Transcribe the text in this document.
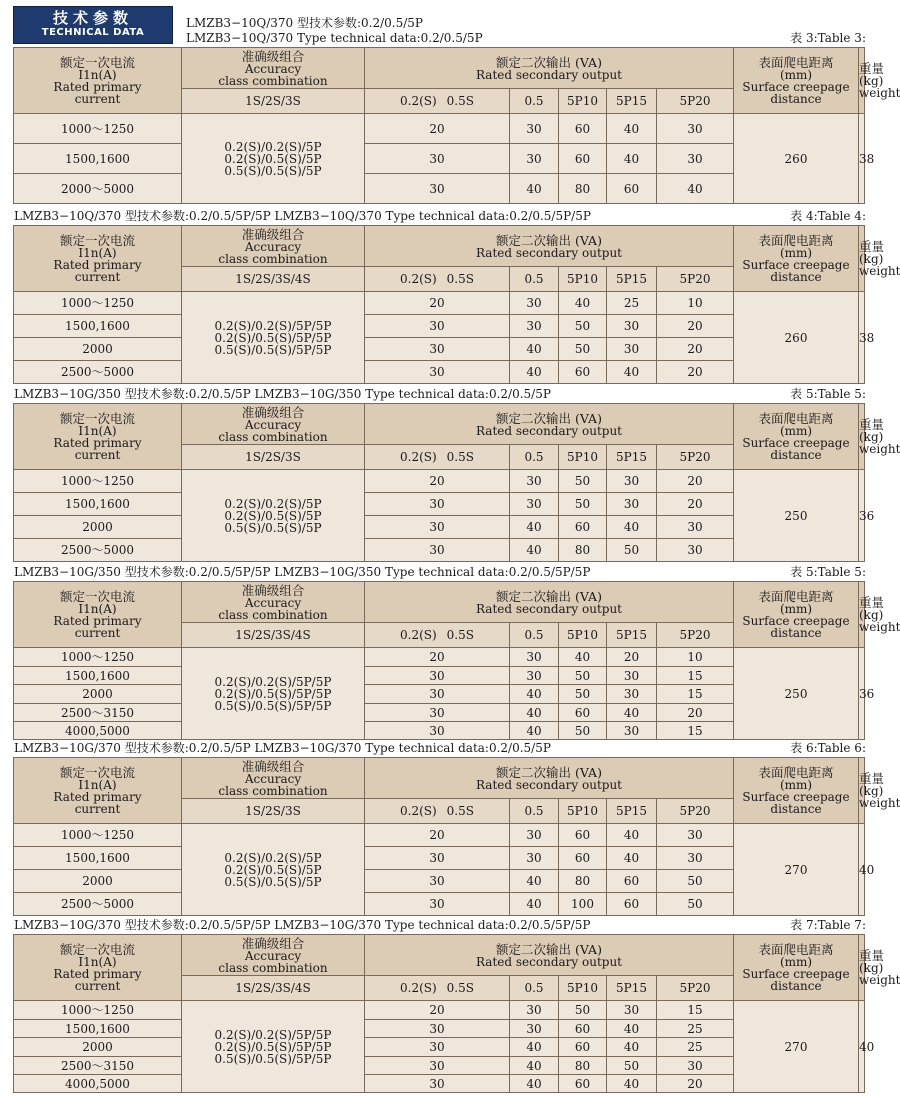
技术参数
TECHNICAL DATA
LMZB3−10Q/370 型技术参数:0.2/0.5/5P
LMZB3−10Q/370 Type technical data:0.2/0.5/5P	表 3:Table 3:
额定一次电流
I1n(A)
Rated primary
current	准确级组合
Accuracy
class combination	额定二次输出 (VA)
Rated secondary output					表面爬电距离
(mm)
Surface creepage
distance	重量
(kg)
weight

	1S/2S/3S	0.2(S) 0.5S	0.5	5P10	5P15	5P20		
1000～1250	0.2(S)/0.2(S)/5P
0.2(S)/0.5(S)/5P
0.5(S)/0.5(S)/5P	20	30	60	40	30	260	38
1500,1600		30	30	60	40	30		
2000～5000		30	40	80	60	40		
LMZB3−10Q/370 型技术参数:0.2/0.5/5P/5P LMZB3−10Q/370 Type technical data:0.2/0.5/5P/5P	表 4:Table 4:
额定一次电流
I1n(A)
Rated primary
current	准确级组合
Accuracy
class combination	额定二次输出 (VA)
Rated secondary output					表面爬电距离
(mm)
Surface creepage
distance	重量
(kg)
weight

	1S/2S/3S/4S	0.2(S) 0.5S	0.5	5P10	5P15	5P20		
1000～1250	0.2(S)/0.2(S)/5P/5P
0.2(S)/0.5(S)/5P/5P
0.5(S)/0.5(S)/5P/5P	20	30	40	25	10	260	38
1500,1600		30	30	50	30	20		
2000		30	40	50	30	20		
2500～5000		30	40	60	40	20		
LMZB3−10G/350 型技术参数:0.2/0.5/5P LMZB3−10G/350 Type technical data:0.2/0.5/5P	表 5:Table 5:
额定一次电流
I1n(A)
Rated primary
current	准确级组合
Accuracy
class combination	额定二次输出 (VA)
Rated secondary output					表面爬电距离
(mm)
Surface creepage
distance	重量
(kg)
weight

	1S/2S/3S	0.2(S) 0.5S	0.5	5P10	5P15	5P20		
1000～1250	0.2(S)/0.2(S)/5P
0.2(S)/0.5(S)/5P
0.5(S)/0.5(S)/5P	20	30	50	30	20	250	36
1500,1600		30	30	50	30	20		
2000		30	40	60	40	30		
2500～5000		30	40	80	50	30		
LMZB3−10G/350 型技术参数:0.2/0.5/5P/5P LMZB3−10G/350 Type technical data:0.2/0.5/5P/5P	表 5:Table 5:
额定一次电流
I1n(A)
Rated primary
current	准确级组合
Accuracy
class combination	额定二次输出 (VA)
Rated secondary output					表面爬电距离
(mm)
Surface creepage
distance	重量
(kg)
weight

	1S/2S/3S/4S	0.2(S) 0.5S	0.5	5P10	5P15	5P20		
1000～1250	0.2(S)/0.2(S)/5P/5P
0.2(S)/0.5(S)/5P/5P
0.5(S)/0.5(S)/5P/5P	20	30	40	20	10	250	36
1500,1600		30	30	50	30	15		
2000		30	40	50	30	15		
2500～3150		30	40	60	40	20		
4000,5000		30	40	50	30	15		
LMZB3−10G/370 型技术参数:0.2/0.5/5P LMZB3−10G/370 Type technical data:0.2/0.5/5P	表 6:Table 6:
额定一次电流
I1n(A)
Rated primary
current	准确级组合
Accuracy
class combination	额定二次输出 (VA)
Rated secondary output					表面爬电距离
(mm)
Surface creepage
distance	重量
(kg)
weight

	1S/2S/3S	0.2(S) 0.5S	0.5	5P10	5P15	5P20		
1000～1250	0.2(S)/0.2(S)/5P
0.2(S)/0.5(S)/5P
0.5(S)/0.5(S)/5P	20	30	60	40	30	270	40
1500,1600		30	30	60	40	30		
2000		30	40	80	60	50		
2500～5000		30	40	100	60	50		
LMZB3−10G/370 型技术参数:0.2/0.5/5P/5P LMZB3−10G/370 Type technical data:0.2/0.5/5P/5P	表 7:Table 7:
额定一次电流
I1n(A)
Rated primary
current	准确级组合
Accuracy
class combination	额定二次输出 (VA)
Rated secondary output					表面爬电距离
(mm)
Surface creepage
distance	重量
(kg)
weight

	1S/2S/3S/4S	0.2(S) 0.5S	0.5	5P10	5P15	5P20		
1000～1250	0.2(S)/0.2(S)/5P/5P
0.2(S)/0.5(S)/5P/5P
0.5(S)/0.5(S)/5P/5P	20	30	50	30	15	270	40
1500,1600		30	30	60	40	25		
2000		30	40	60	40	25		
2500～3150		30	40	80	50	30		
4000,5000		30	40	60	40	20		
